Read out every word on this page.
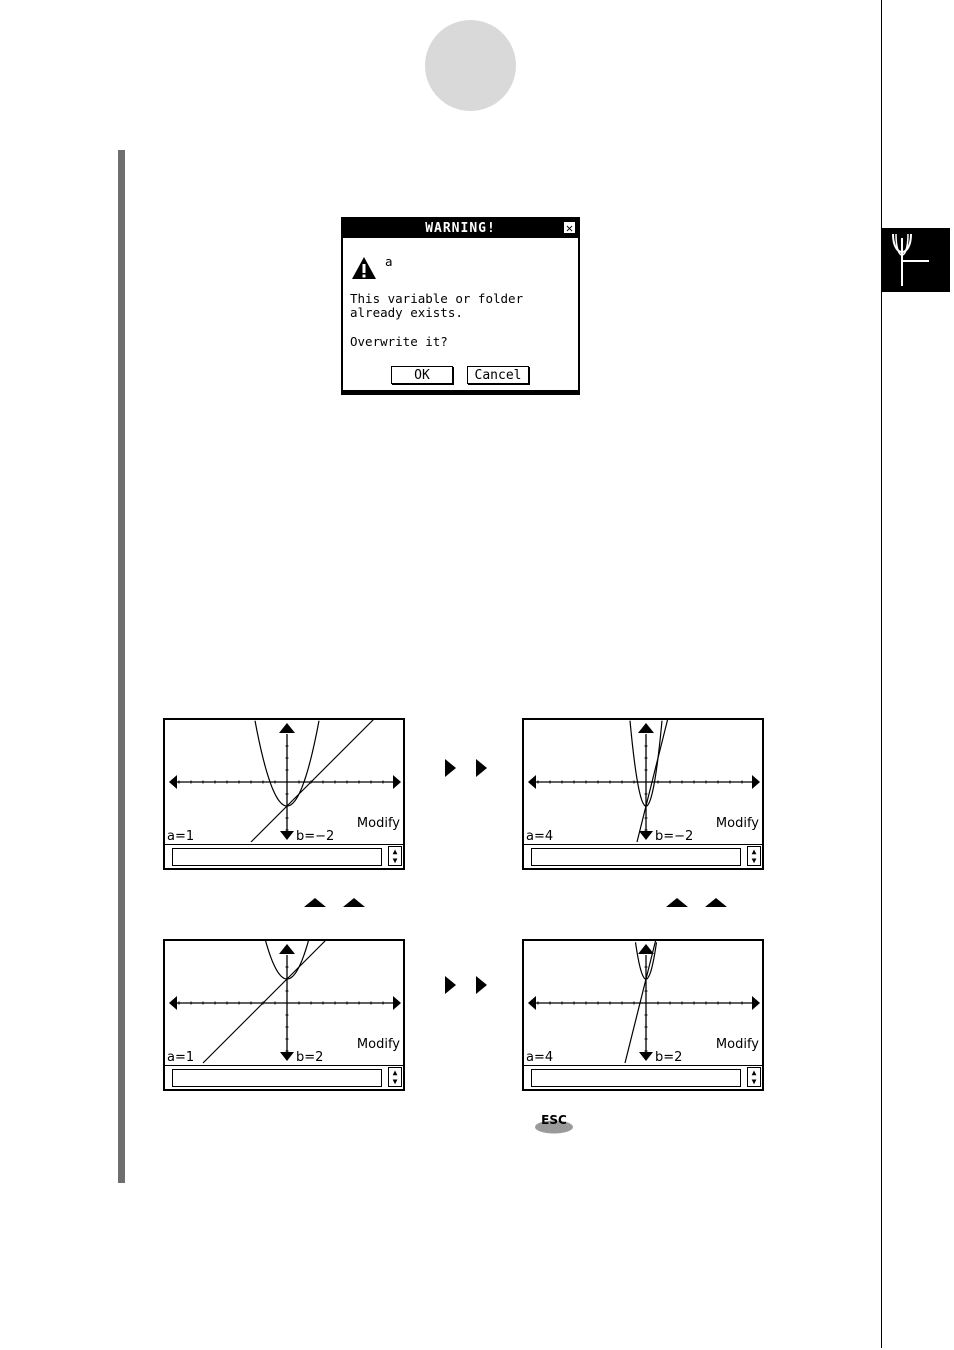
WARNING!	✕
a
This variable or folder
already exists.
Overwrite it?
OK	Cancel
Modify
a=1	b=−2
▲
▼
Modify
a=4	b=−2
▲
▼
Modify
a=1	b=2
▲
▼
Modify
a=4	b=2
▲
▼
ESC
